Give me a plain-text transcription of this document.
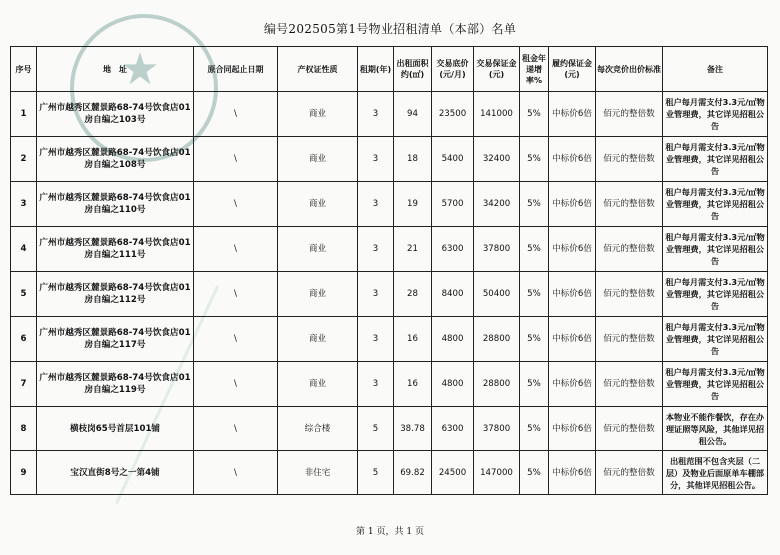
★
编号202505第1号物业招租清单（本部）名单
序号	地　址	原合同起止日期	产权证性质	租期(年)	出租面积约(㎡)	交易底价(元/月)	交易保证金(元)	租金年递增率%	履约保证金(元)	每次竞价出价标准	备注
1	广州市越秀区麓景路68-74号饮食店01房自编之103号	\	商业	3	94	23500	141000	5%	中标价6倍	佰元的整倍数	租户每月需支付3.3元/㎡物业管理费，其它详见招租公告
2	广州市越秀区麓景路68-74号饮食店01房自编之108号	\	商业	3	18	5400	32400	5%	中标价6倍	佰元的整倍数	租户每月需支付3.3元/㎡物业管理费，其它详见招租公告
3	广州市越秀区麓景路68-74号饮食店01房自编之110号	\	商业	3	19	5700	34200	5%	中标价6倍	佰元的整倍数	租户每月需支付3.3元/㎡物业管理费，其它详见招租公告
4	广州市越秀区麓景路68-74号饮食店01房自编之111号	\	商业	3	21	6300	37800	5%	中标价6倍	佰元的整倍数	租户每月需支付3.3元/㎡物业管理费，其它详见招租公告
5	广州市越秀区麓景路68-74号饮食店01房自编之112号	\	商业	3	28	8400	50400	5%	中标价6倍	佰元的整倍数	租户每月需支付3.3元/㎡物业管理费，其它详见招租公告
6	广州市越秀区麓景路68-74号饮食店01房自编之117号	\	商业	3	16	4800	28800	5%	中标价6倍	佰元的整倍数	租户每月需支付3.3元/㎡物业管理费，其它详见招租公告
7	广州市越秀区麓景路68-74号饮食店01房自编之119号	\	商业	3	16	4800	28800	5%	中标价6倍	佰元的整倍数	租户每月需支付3.3元/㎡物业管理费，其它详见招租公告
8	横枝岗65号首层101铺	\	综合楼	5	38.78	6300	37800	5%	中标价6倍	佰元的整倍数	本物业不能作餐饮，存在办理证照等风险，其他详见招租公告。
9	宝汉直街8号之一第4铺	\	非住宅	5	69.82	24500	147000	5%	中标价6倍	佰元的整倍数	出租范围不包含夹层（二层）及物业后面原单车棚部分，其他详见招租公告。
第 1 页，共 1 页
